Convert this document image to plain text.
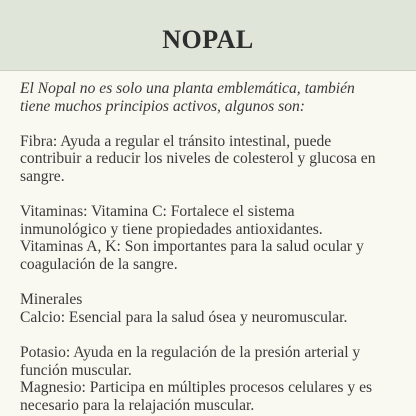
NOPAL

El Nopal no es solo una planta emblemática, también
tiene muchos principios activos, algunos son:

Fibra: Ayuda a regular el tránsito intestinal, puede
contribuir a reducir los niveles de colesterol y glucosa en
sangre.

Vitaminas: Vitamina C: Fortalece el sistema
inmunológico y tiene propiedades antioxidantes.

Vitaminas A, K: Son importantes para la salud ocular y
coagulación de la sangre.

Minerales

Calcio: Esencial para la salud ósea y neuromuscular.

Potasio: Ayuda en la regulación de la presión arterial y
función muscular.

Magnesio: Participa en múltiples procesos celulares y es
necesario para la relajación muscular.
